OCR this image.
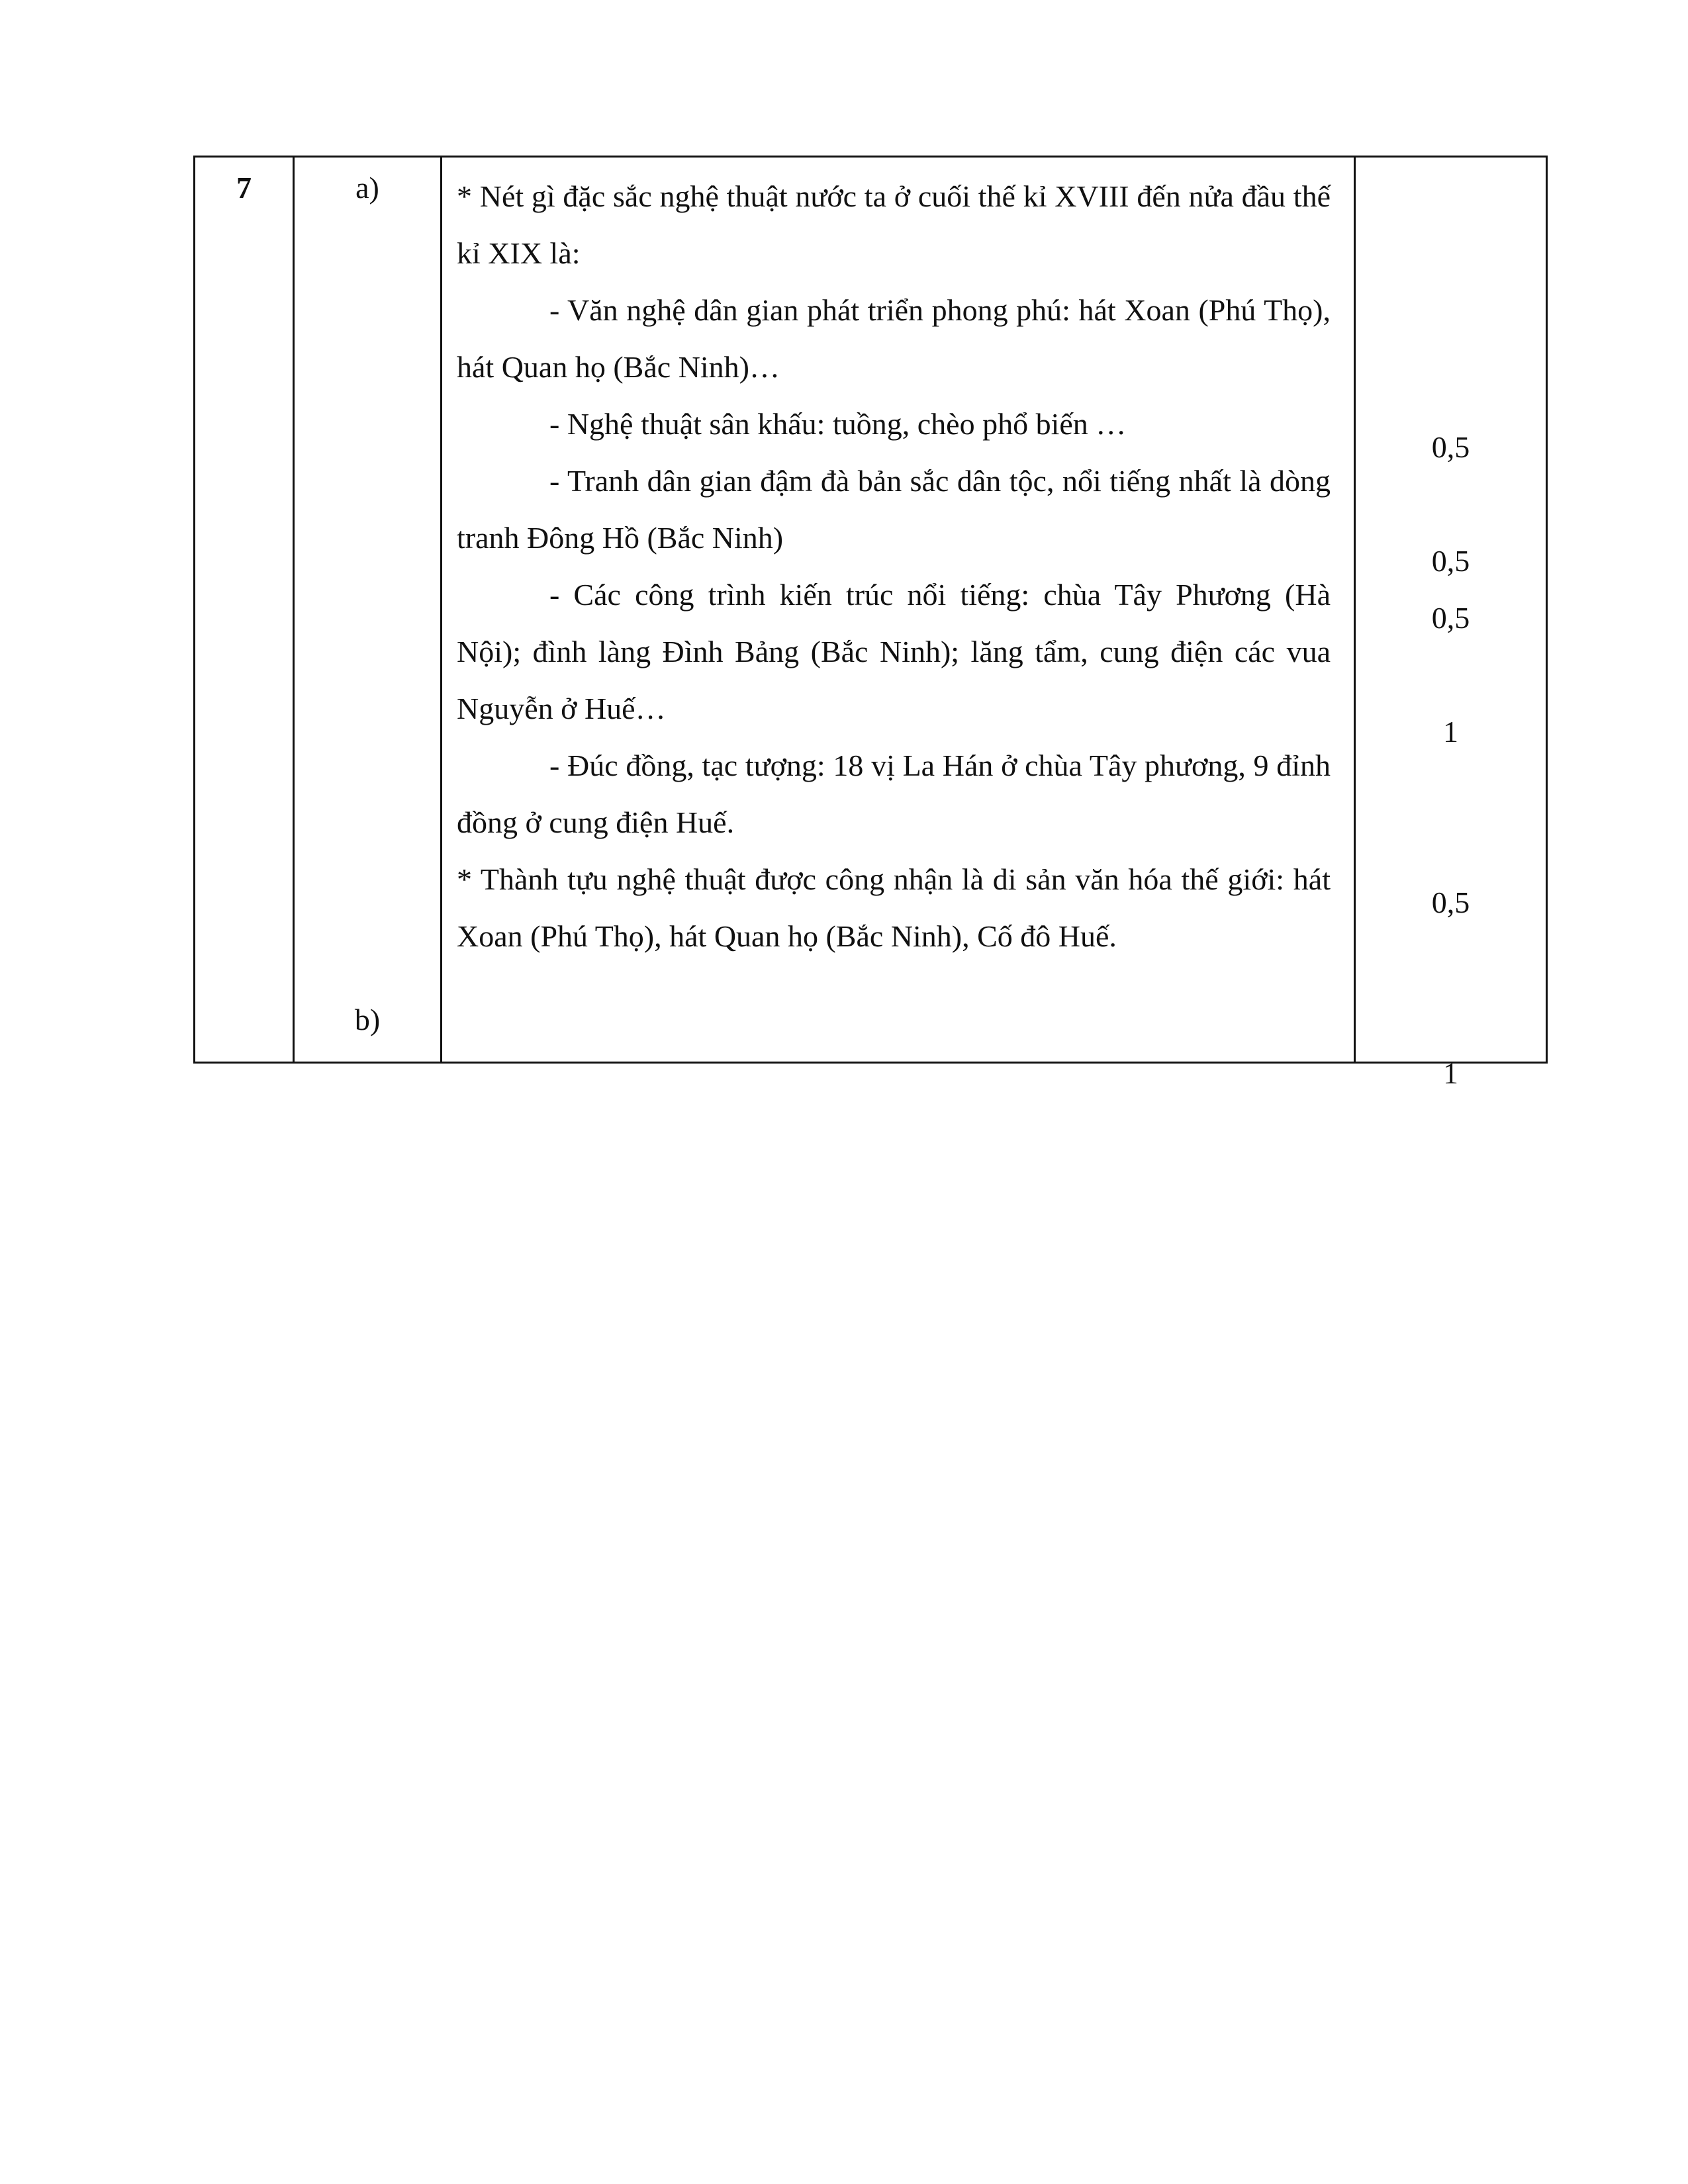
7	a)
b)

* Nét gì đặc sắc nghệ thuật nước ta ở cuối thế kỉ XVIII đến nửa đầu thế kỉ XIX là:

- Văn nghệ dân gian phát triển phong phú: hát Xoan (Phú Thọ), hát Quan họ (Bắc Ninh)…

- Nghệ thuật sân khấu: tuồng, chèo phổ biến …

- Tranh dân gian đậm đà bản sắc dân tộc, nổi tiếng nhất là dòng tranh Đông Hồ (Bắc Ninh)

- Các công trình kiến trúc nổi tiếng: chùa Tây Phương (Hà Nội); đình làng Đình Bảng (Bắc Ninh); lăng tẩm, cung điện các vua Nguyễn ở Huế…

- Đúc đồng, tạc tượng: 18 vị La Hán ở chùa Tây phương, 9 đỉnh đồng ở cung điện Huế.

* Thành tựu nghệ thuật được công nhận là di sản văn hóa thế giới: hát Xoan (Phú Thọ), hát Quan họ (Bắc Ninh), Cố đô Huế.

0,5
0,5
0,5
1
0,5
1
